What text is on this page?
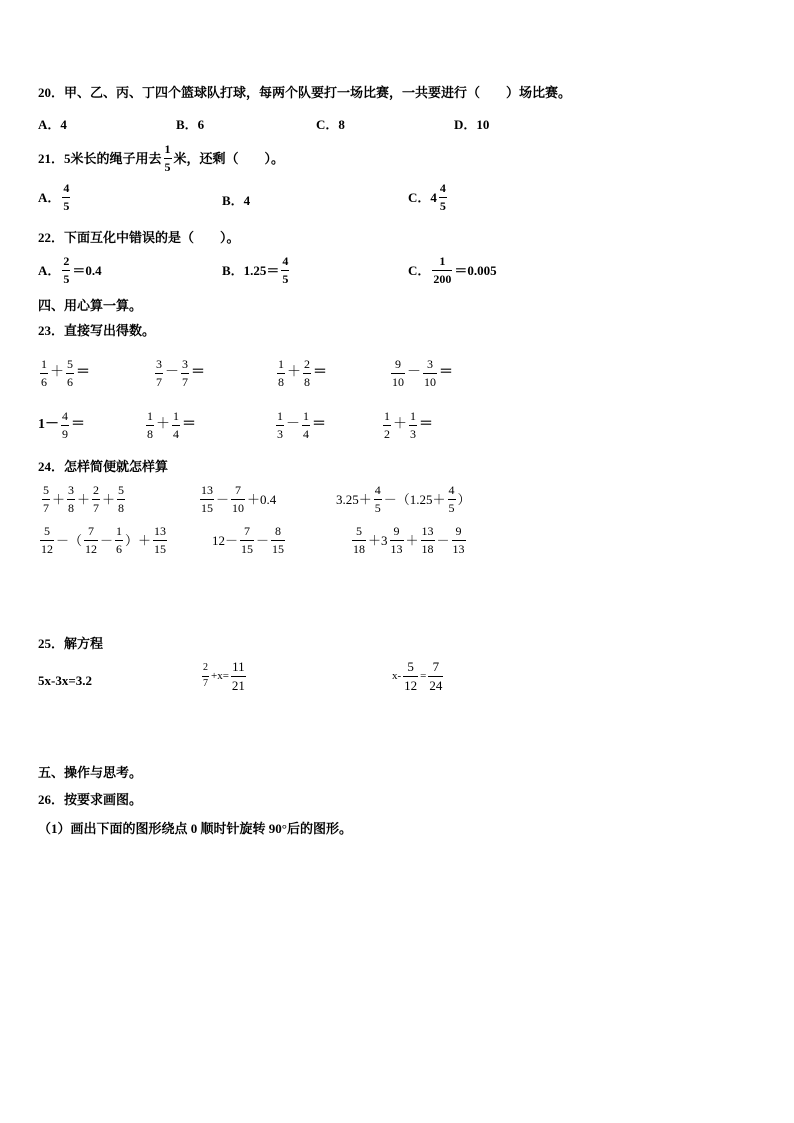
20．甲、乙、丙、丁四个篮球队打球，每两个队要打一场比赛，一共要进行（　　）场比赛。
A．4	B．6	C．8	D．10
21．5米长的绳子用去 $\frac{1}{5}$ 米，还剩（　　）。
A． $\frac{4}{5}$	B．4	C． $4 \frac{4}{5}$
22．下面互化中错误的是（　　）。
A． $\frac{2}{5} =0.4$	B．$1.25= \frac{4}{5}$	C． $\frac{1}{200} =0.005$
四、用心算一算。
23．直接写出得数。
$\frac{1}{6} + \frac{5}{6}$ ＝	$\frac{3}{7} - \frac{3}{7}$ ＝	$\frac{1}{8} + \frac{2}{8}$ ＝	$\frac{9}{10} - \frac{3}{10}$ ＝
$1- \frac{4}{9}$ ＝	$\frac{1}{8} + \frac{1}{4}$ ＝	$\frac{1}{3} - \frac{1}{4}$ ＝	$\frac{1}{2} + \frac{1}{3}$ ＝
24．怎样简便就怎样算
$\frac{5}{7} + \frac{3}{8} + \frac{2}{7} + \frac{5}{8}$	$\frac{13}{15} - \frac{7}{10} +0.4$	$3.25+ \frac{4}{5} -(1.25+ \frac{4}{5}$ ）
$\frac{5}{12}$ －（ $\frac{7}{12} - \frac{1}{6}$ ）＋ $\frac{13}{15}$	$12- \frac{7}{15} - \frac{8}{15}$	$\frac{5}{18} +3 \frac{9}{13} + \frac{13}{18} - \frac{9}{13}$
25．解方程
5x-3x=3.2	$\frac{2}{7} +x= \frac{11}{21}$	$x- \frac{5}{12} = \frac{7}{24}$
五、操作与思考。
26．按要求画图。
（1）画出下面的图形绕点 0 顺时针旋转 90°后的图形。
